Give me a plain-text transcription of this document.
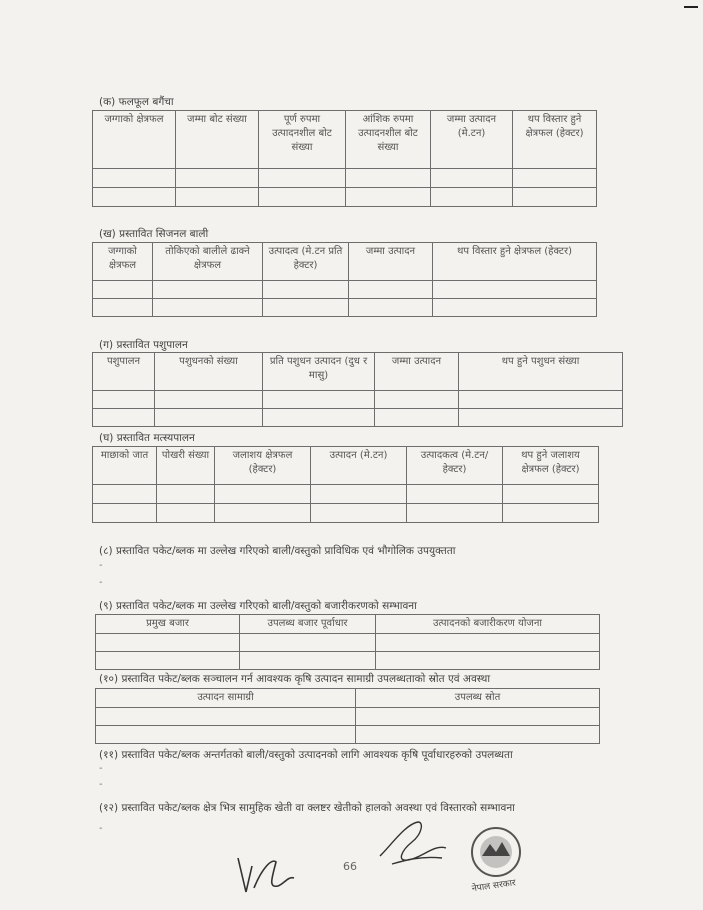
(क) फलफूल बगैंचा
जग्गाको क्षेत्रफल	जम्मा बोट संख्या	पूर्ण रुपमा उत्पादनशील बोट संख्या	आंशिक रुपमा उत्पादनशील बोट संख्या	जम्मा उत्पादन (मे.टन)	थप विस्तार हुने क्षेत्रफल (हेक्टर)

(ख) प्रस्तावित सिजनल बाली
जग्गाको क्षेत्रफल	तोकिएको बालीले ढाक्ने क्षेत्रफल	उत्पादत्व (मे.टन प्रति हेक्टर)	जम्मा उत्पादन	थप विस्तार हुने क्षेत्रफल (हेक्टर)

(ग) प्रस्तावित पशुपालन
पशुपालन	पशुधनको संख्या	प्रति पशुधन उत्पादन (दुध र मासु)	जम्मा उत्पादन	थप हुने पशुधन संख्या

(घ) प्रस्तावित मत्स्यपालन
माछाको जात	पोखरी संख्या	जलाशय क्षेत्रफल (हेक्टर)	उत्पादन (मे.टन)	उत्पादकत्व (मे.टन/हेक्टर)	थप हुने जलाशय क्षेत्रफल (हेक्टर)

(८) प्रस्तावित पकेट/ब्लक मा उल्लेख गरिएको बाली/वस्तुको प्राविधिक एवं भौगोलिक उपयुक्तता
-
-
(९) प्रस्तावित पकेट/ब्लक मा उल्लेख गरिएको बाली/वस्तुको बजारीकरणको सम्भावना
प्रमुख बजार	उपलब्ध बजार पूर्वाधार	उत्पादनको बजारीकरण योजना

(१०) प्रस्तावित पकेट/ब्लक सञ्चालन गर्न आवश्यक कृषि उत्पादन सामाग्री उपलब्धताको स्रोत एवं अवस्था
उत्पादन सामाग्री	उपलब्ध स्रोत

(११) प्रस्तावित पकेट/ब्लक अन्तर्गतको बाली/वस्तुको उत्पादनको लागि आवश्यक कृषि पूर्वाधारहरुको उपलब्धता
-
-
(१२) प्रस्तावित पकेट/ब्लक क्षेत्र भित्र सामुहिक खेती वा क्लष्टर खेतीको हालको अवस्था एवं विस्तारको सम्भावना
-
66
नेपाल सरकार
